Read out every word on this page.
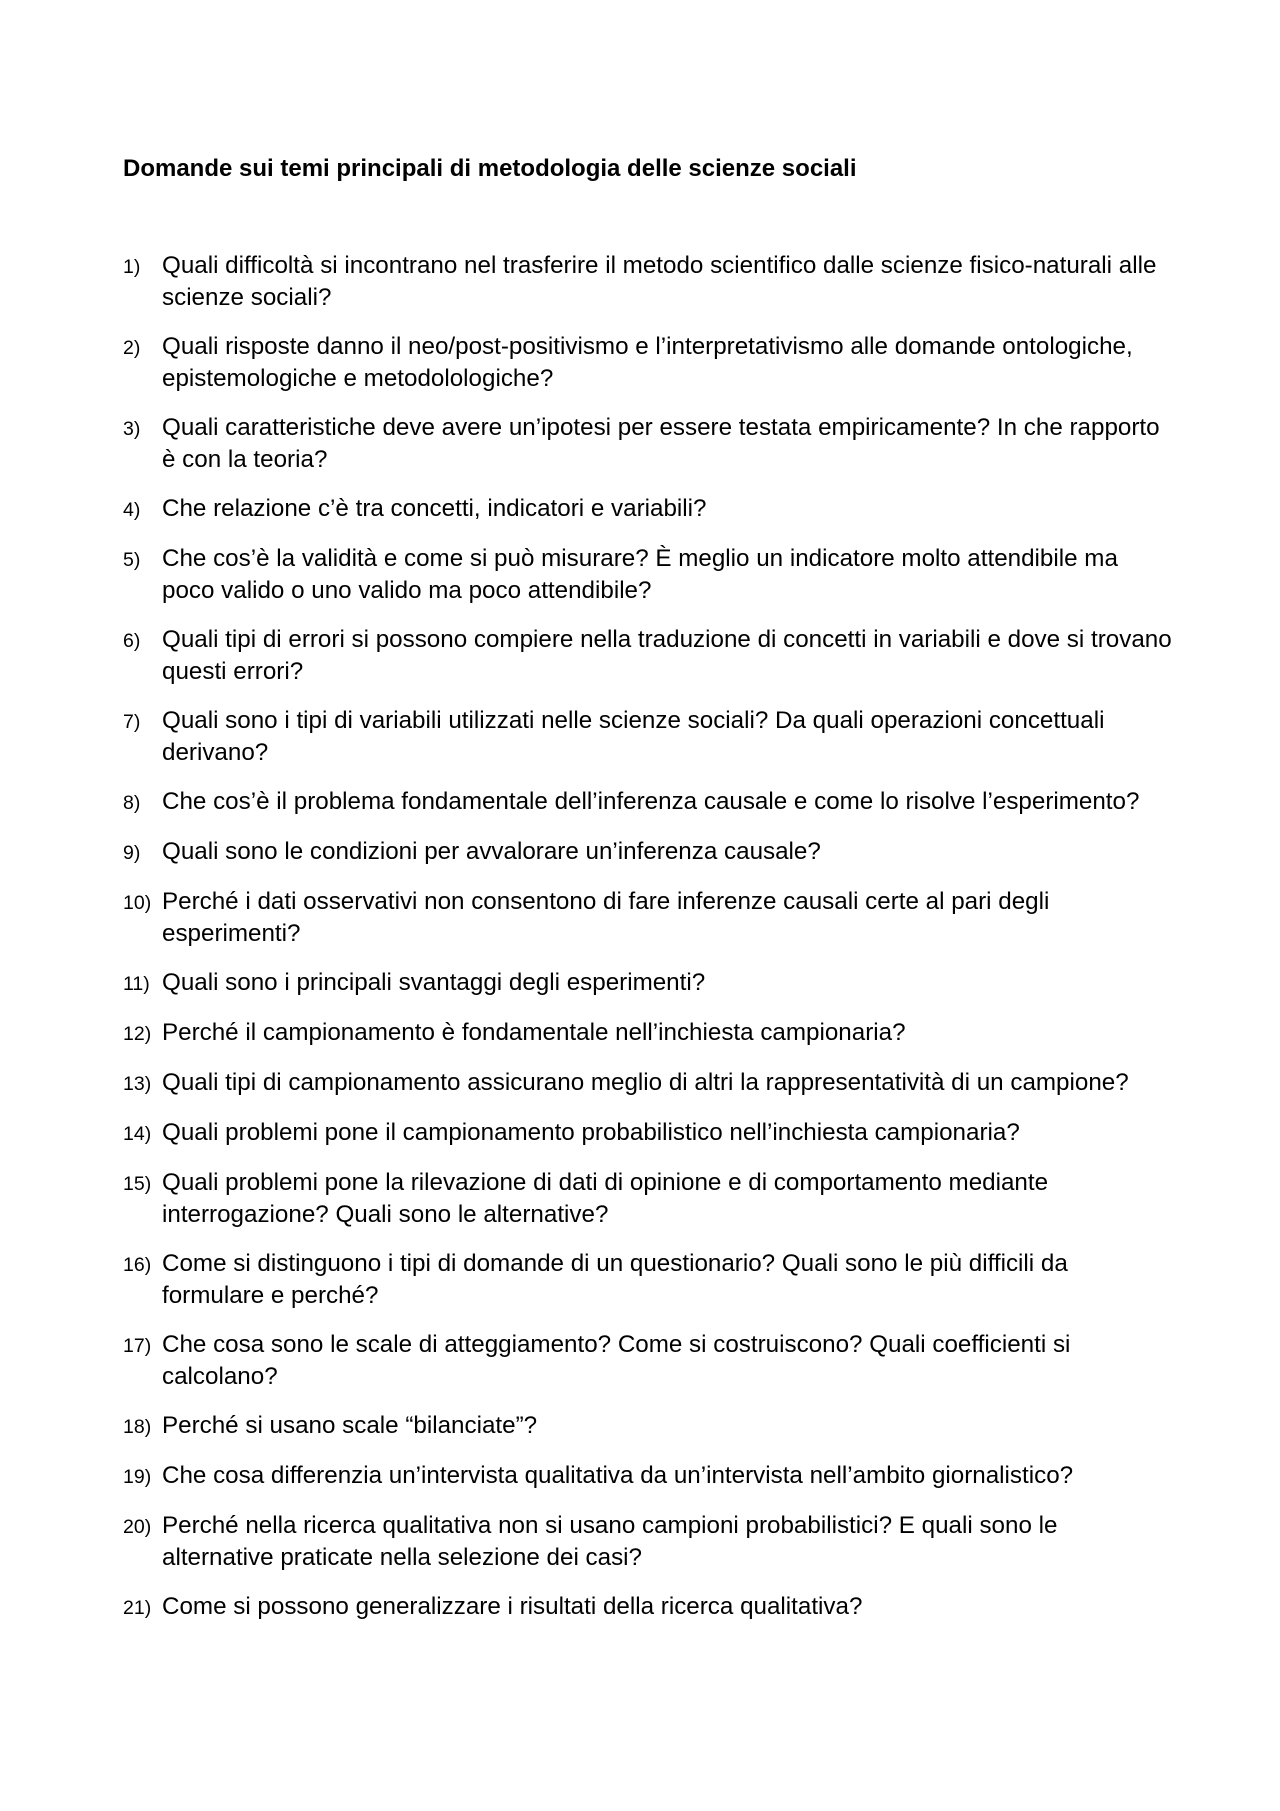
Domande sui temi principali di metodologia delle scienze sociali
1) Quali difficoltà si incontrano nel trasferire il metodo scientifico dalle scienze fisico-naturali alle scienze sociali?
2) Quali risposte danno il neo/post-positivismo e l’interpretativismo alle domande ontologiche, epistemologiche e metodolologiche?
3) Quali caratteristiche deve avere un’ipotesi per essere testata empiricamente? In che rapporto è con la teoria?
4) Che relazione c’è tra concetti, indicatori e variabili?
5) Che cos’è la validità e come si può misurare? È meglio un indicatore molto attendibile ma poco valido o uno valido ma poco attendibile?
6) Quali tipi di errori si possono compiere nella traduzione di concetti in variabili e dove si trovano questi errori?
7) Quali sono i tipi di variabili utilizzati nelle scienze sociali? Da quali operazioni concettuali derivano?
8) Che cos’è il problema fondamentale dell’inferenza causale e come lo risolve l’esperimento?
9) Quali sono le condizioni per avvalorare un’inferenza causale?
10) Perché i dati osservativi non consentono di fare inferenze causali certe al pari degli esperimenti?
11) Quali sono i principali svantaggi degli esperimenti?
12) Perché il campionamento è fondamentale nell’inchiesta campionaria?
13) Quali tipi di campionamento assicurano meglio di altri la rappresentatività di un campione?
14) Quali problemi pone il campionamento probabilistico nell’inchiesta campionaria?
15) Quali problemi pone la rilevazione di dati di opinione e di comportamento mediante interrogazione? Quali sono le alternative?
16) Come si distinguono i tipi di domande di un questionario? Quali sono le più difficili da formulare e perché?
17) Che cosa sono le scale di atteggiamento? Come si costruiscono? Quali coefficienti si calcolano?
18) Perché si usano scale “bilanciate”?
19) Che cosa differenzia un’intervista qualitativa da un’intervista nell’ambito giornalistico?
20) Perché nella ricerca qualitativa non si usano campioni probabilistici? E quali sono le alternative praticate nella selezione dei casi?
21) Come si possono generalizzare i risultati della ricerca qualitativa?
